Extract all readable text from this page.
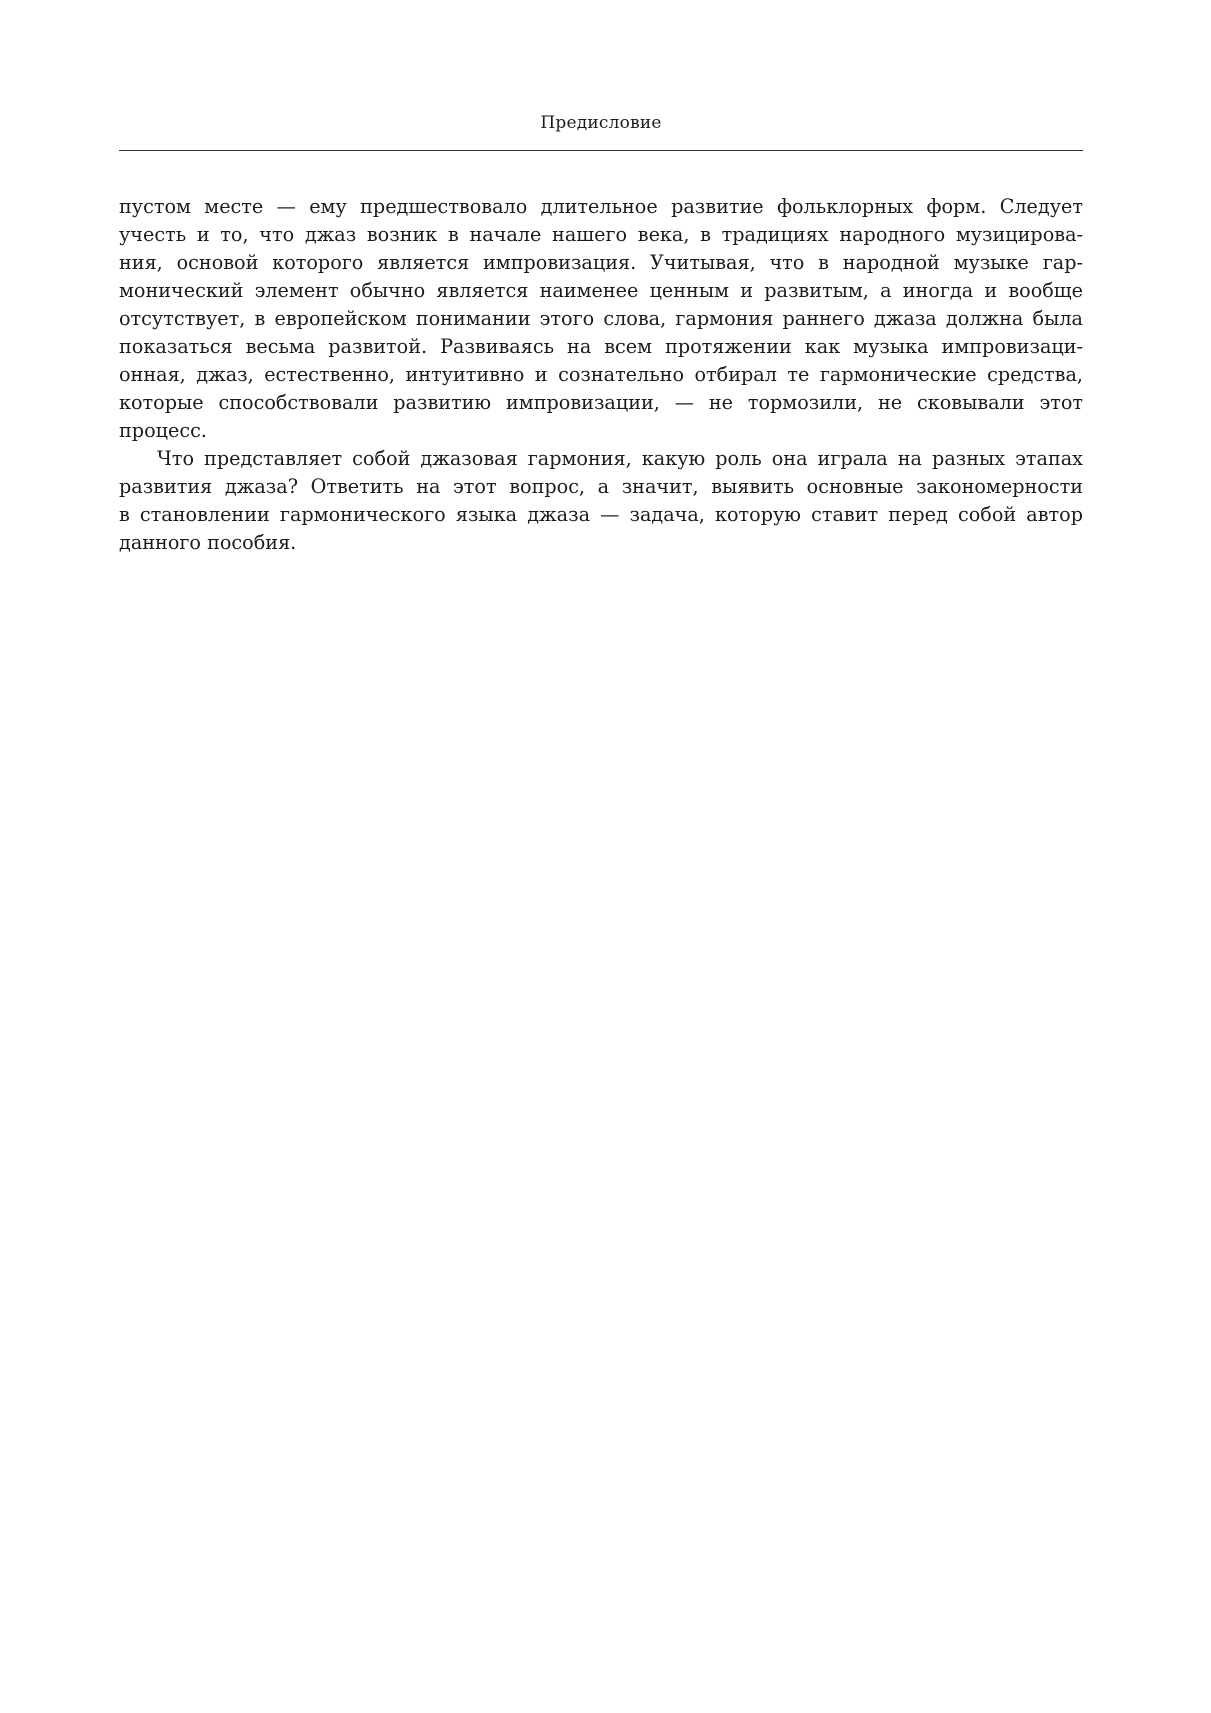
Предисловие
пустом месте — ему предшествовало длительное развитие фольклорных форм. Следует
учесть и то, что джаз возник в начале нашего века, в традициях народного музицирова-
ния, основой которого является импровизация. Учитывая, что в народной музыке гар-
монический элемент обычно является наименее ценным и развитым, а иногда и вообще
отсутствует, в европейском понимании этого слова, гармония раннего джаза должна была
показаться весьма развитой. Развиваясь на всем протяжении как музыка импровизаци-
онная, джаз, естественно, интуитивно и сознательно отбирал те гармонические средства,
которые способствовали развитию импровизации, — не тормозили, не сковывали этот
процесс.
Что представляет собой джазовая гармония, какую роль она играла на разных этапах
развития джаза? Ответить на этот вопрос, а значит, выявить основные закономерности
в становлении гармонического языка джаза — задача, которую ставит перед собой автор
данного пособия.
